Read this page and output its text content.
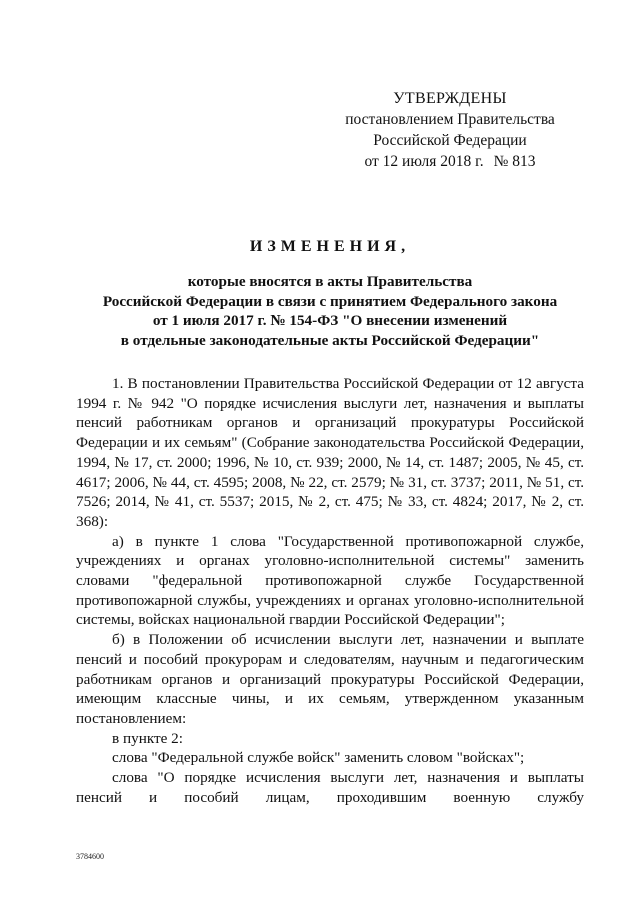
УТВЕРЖДЕНЫ
постановлением Правительства
Российской Федерации
от 12 июля 2018 г. № 813
ИЗМЕНЕНИЯ,
которые вносятся в акты Правительства
Российской Федерации в связи с принятием Федерального закона
от 1 июля 2017 г. № 154-ФЗ "О внесении изменений
в отдельные законодательные акты Российской Федерации"

1. В постановлении Правительства Российской Федерации от 12 августа 1994 г. № 942 "О порядке исчисления выслуги лет, назначения и выплаты пенсий работникам органов и организаций прокуратуры Российской Федерации и их семьям" (Собрание законодательства Российской Федерации, 1994, № 17, ст. 2000; 1996, № 10, ст. 939; 2000, № 14, ст. 1487; 2005, № 45, ст. 4617; 2006, № 44, ст. 4595; 2008, № 22, ст. 2579; № 31, ст. 3737; 2011, № 51, ст. 7526; 2014, № 41, ст. 5537; 2015, № 2, ст. 475; № 33, ст. 4824; 2017, № 2, ст. 368):

а) в пункте 1 слова "Государственной противопожарной службе, учреждениях и органах уголовно-исполнительной системы" заменить словами "федеральной противопожарной службе Государственной противопожарной службы, учреждениях и органах уголовно-исполнительной системы, войсках национальной гвардии Российской Федерации";

б) в Положении об исчислении выслуги лет, назначении и выплате пенсий и пособий прокурорам и следователям, научным и педагогическим работникам органов и организаций прокуратуры Российской Федерации, имеющим классные чины, и их семьям, утвержденном указанным постановлением:

в пункте 2:

слова "Федеральной службе войск" заменить словом "войсках";

слова "О порядке исчисления выслуги лет, назначения и выплаты пенсий и пособий лицам, проходившим военную службу

3784600
